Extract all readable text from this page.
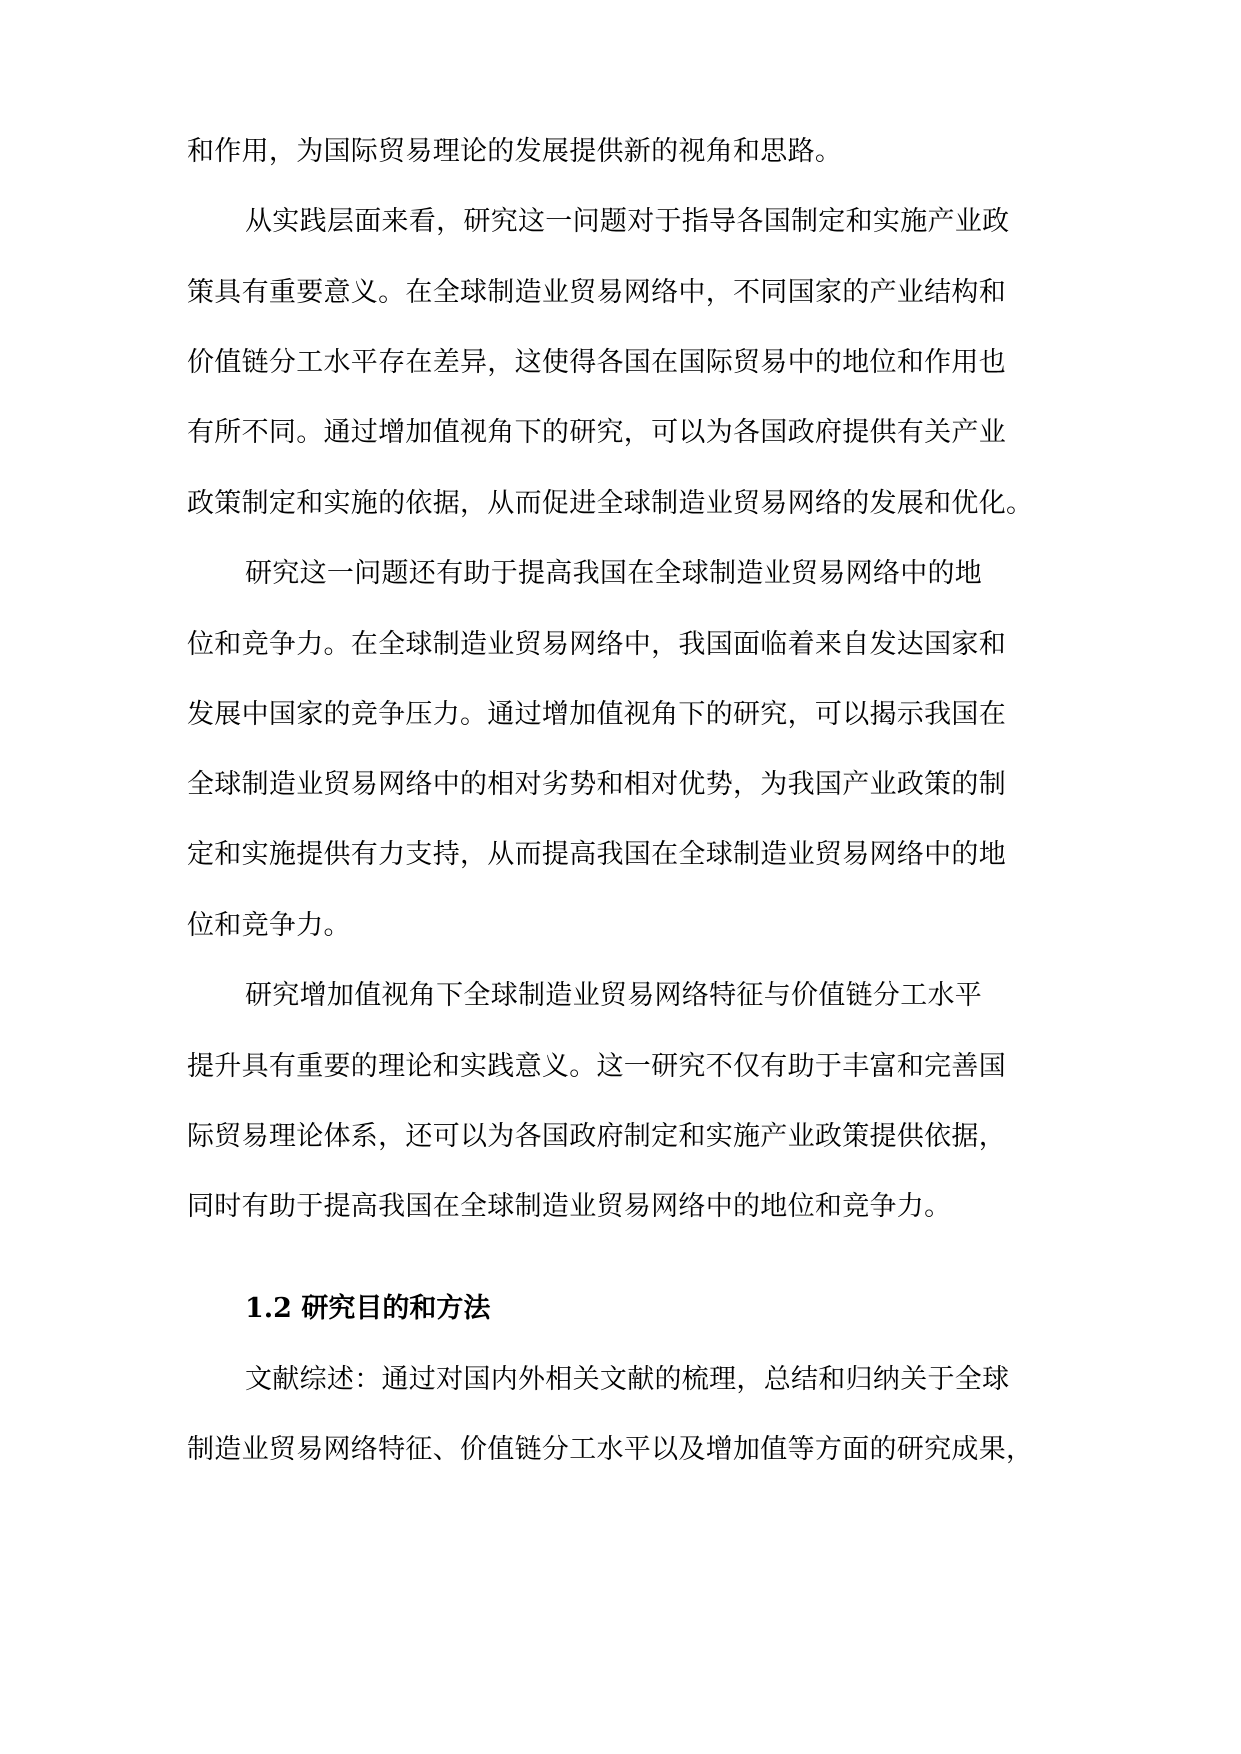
和作用，为国际贸易理论的发展提供新的视角和思路。
从实践层面来看，研究这一问题对于指导各国制定和实施产业政
策具有重要意义。在全球制造业贸易网络中，不同国家的产业结构和
价值链分工水平存在差异，这使得各国在国际贸易中的地位和作用也
有所不同。通过增加值视角下的研究，可以为各国政府提供有关产业
政策制定和实施的依据，从而促进全球制造业贸易网络的发展和优化。
研究这一问题还有助于提高我国在全球制造业贸易网络中的地
位和竞争力。在全球制造业贸易网络中，我国面临着来自发达国家和
发展中国家的竞争压力。通过增加值视角下的研究，可以揭示我国在
全球制造业贸易网络中的相对劣势和相对优势，为我国产业政策的制
定和实施提供有力支持，从而提高我国在全球制造业贸易网络中的地
位和竞争力。
研究增加值视角下全球制造业贸易网络特征与价值链分工水平
提升具有重要的理论和实践意义。这一研究不仅有助于丰富和完善国
际贸易理论体系，还可以为各国政府制定和实施产业政策提供依据，
同时有助于提高我国在全球制造业贸易网络中的地位和竞争力。
1.2 研究目的和方法
文献综述：通过对国内外相关文献的梳理，总结和归纳关于全球
制造业贸易网络特征、价值链分工水平以及增加值等方面的研究成果，
